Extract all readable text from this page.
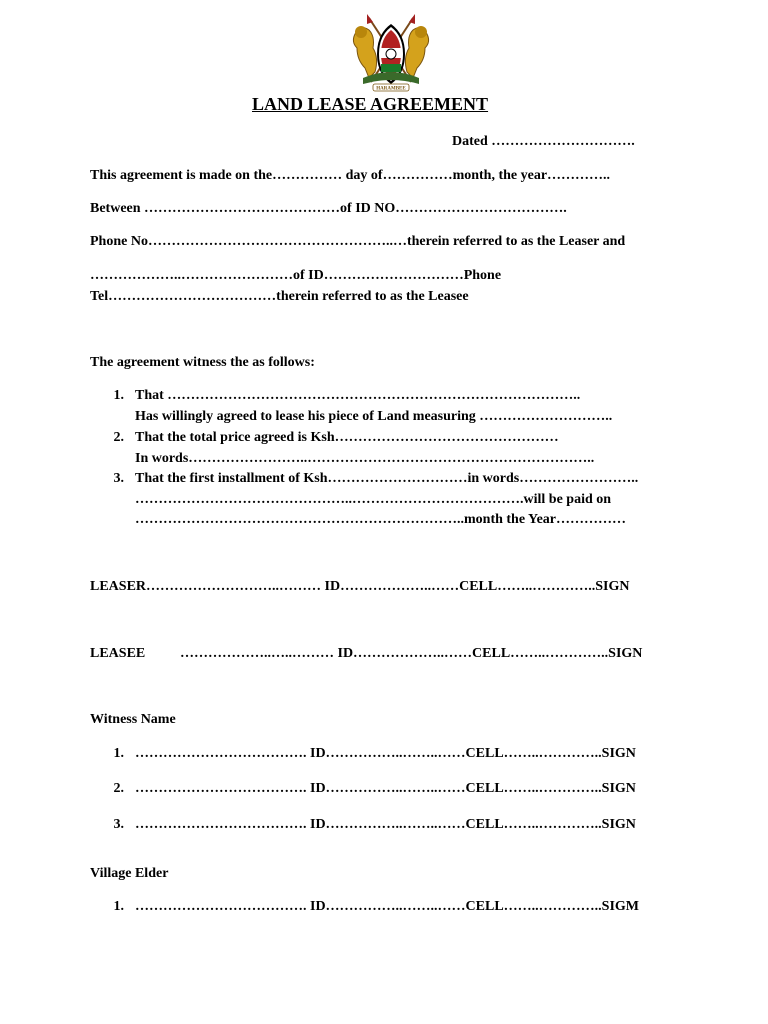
HARAMBEE
LAND LEASE AGREEMENT
Dated ………………………….
This agreement is made on the…………… day of……………month, the year…………..
Between ……………………………………of ID NO……………………………….
Phone No……………………………………………..…therein referred to as the Leaser and
………………..……………………of ID…………………………Phone
Tel………………………………therein referred to as the Leasee
The agreement witness the as follows:
1. That ……………………………………………………………………………..
Has willingly agreed to lease his piece of Land measuring ………………………..
2. That the total price agreed is Ksh…………………………………………
In words……………………..……………………………………………………..
3. That the first installment of Ksh…………………………in words……………………..
………………………………………..……………………………….will be paid on
……………………………………………………………..month the Year……………
LEASER………………………..……… ID………………..……CELL……..…………..SIGN
LEASEE ………………..…..……… ID………………..……CELL……..…………..SIGN
Witness Name
1. ………………………………. ID……………..……..……CELL……..…………..SIGN
2. ………………………………. ID……………..……..……CELL……..…………..SIGN
3. ………………………………. ID……………..……..……CELL……..…………..SIGN
Village Elder
1. ………………………………. ID……………..……..……CELL……..…………..SIGM
